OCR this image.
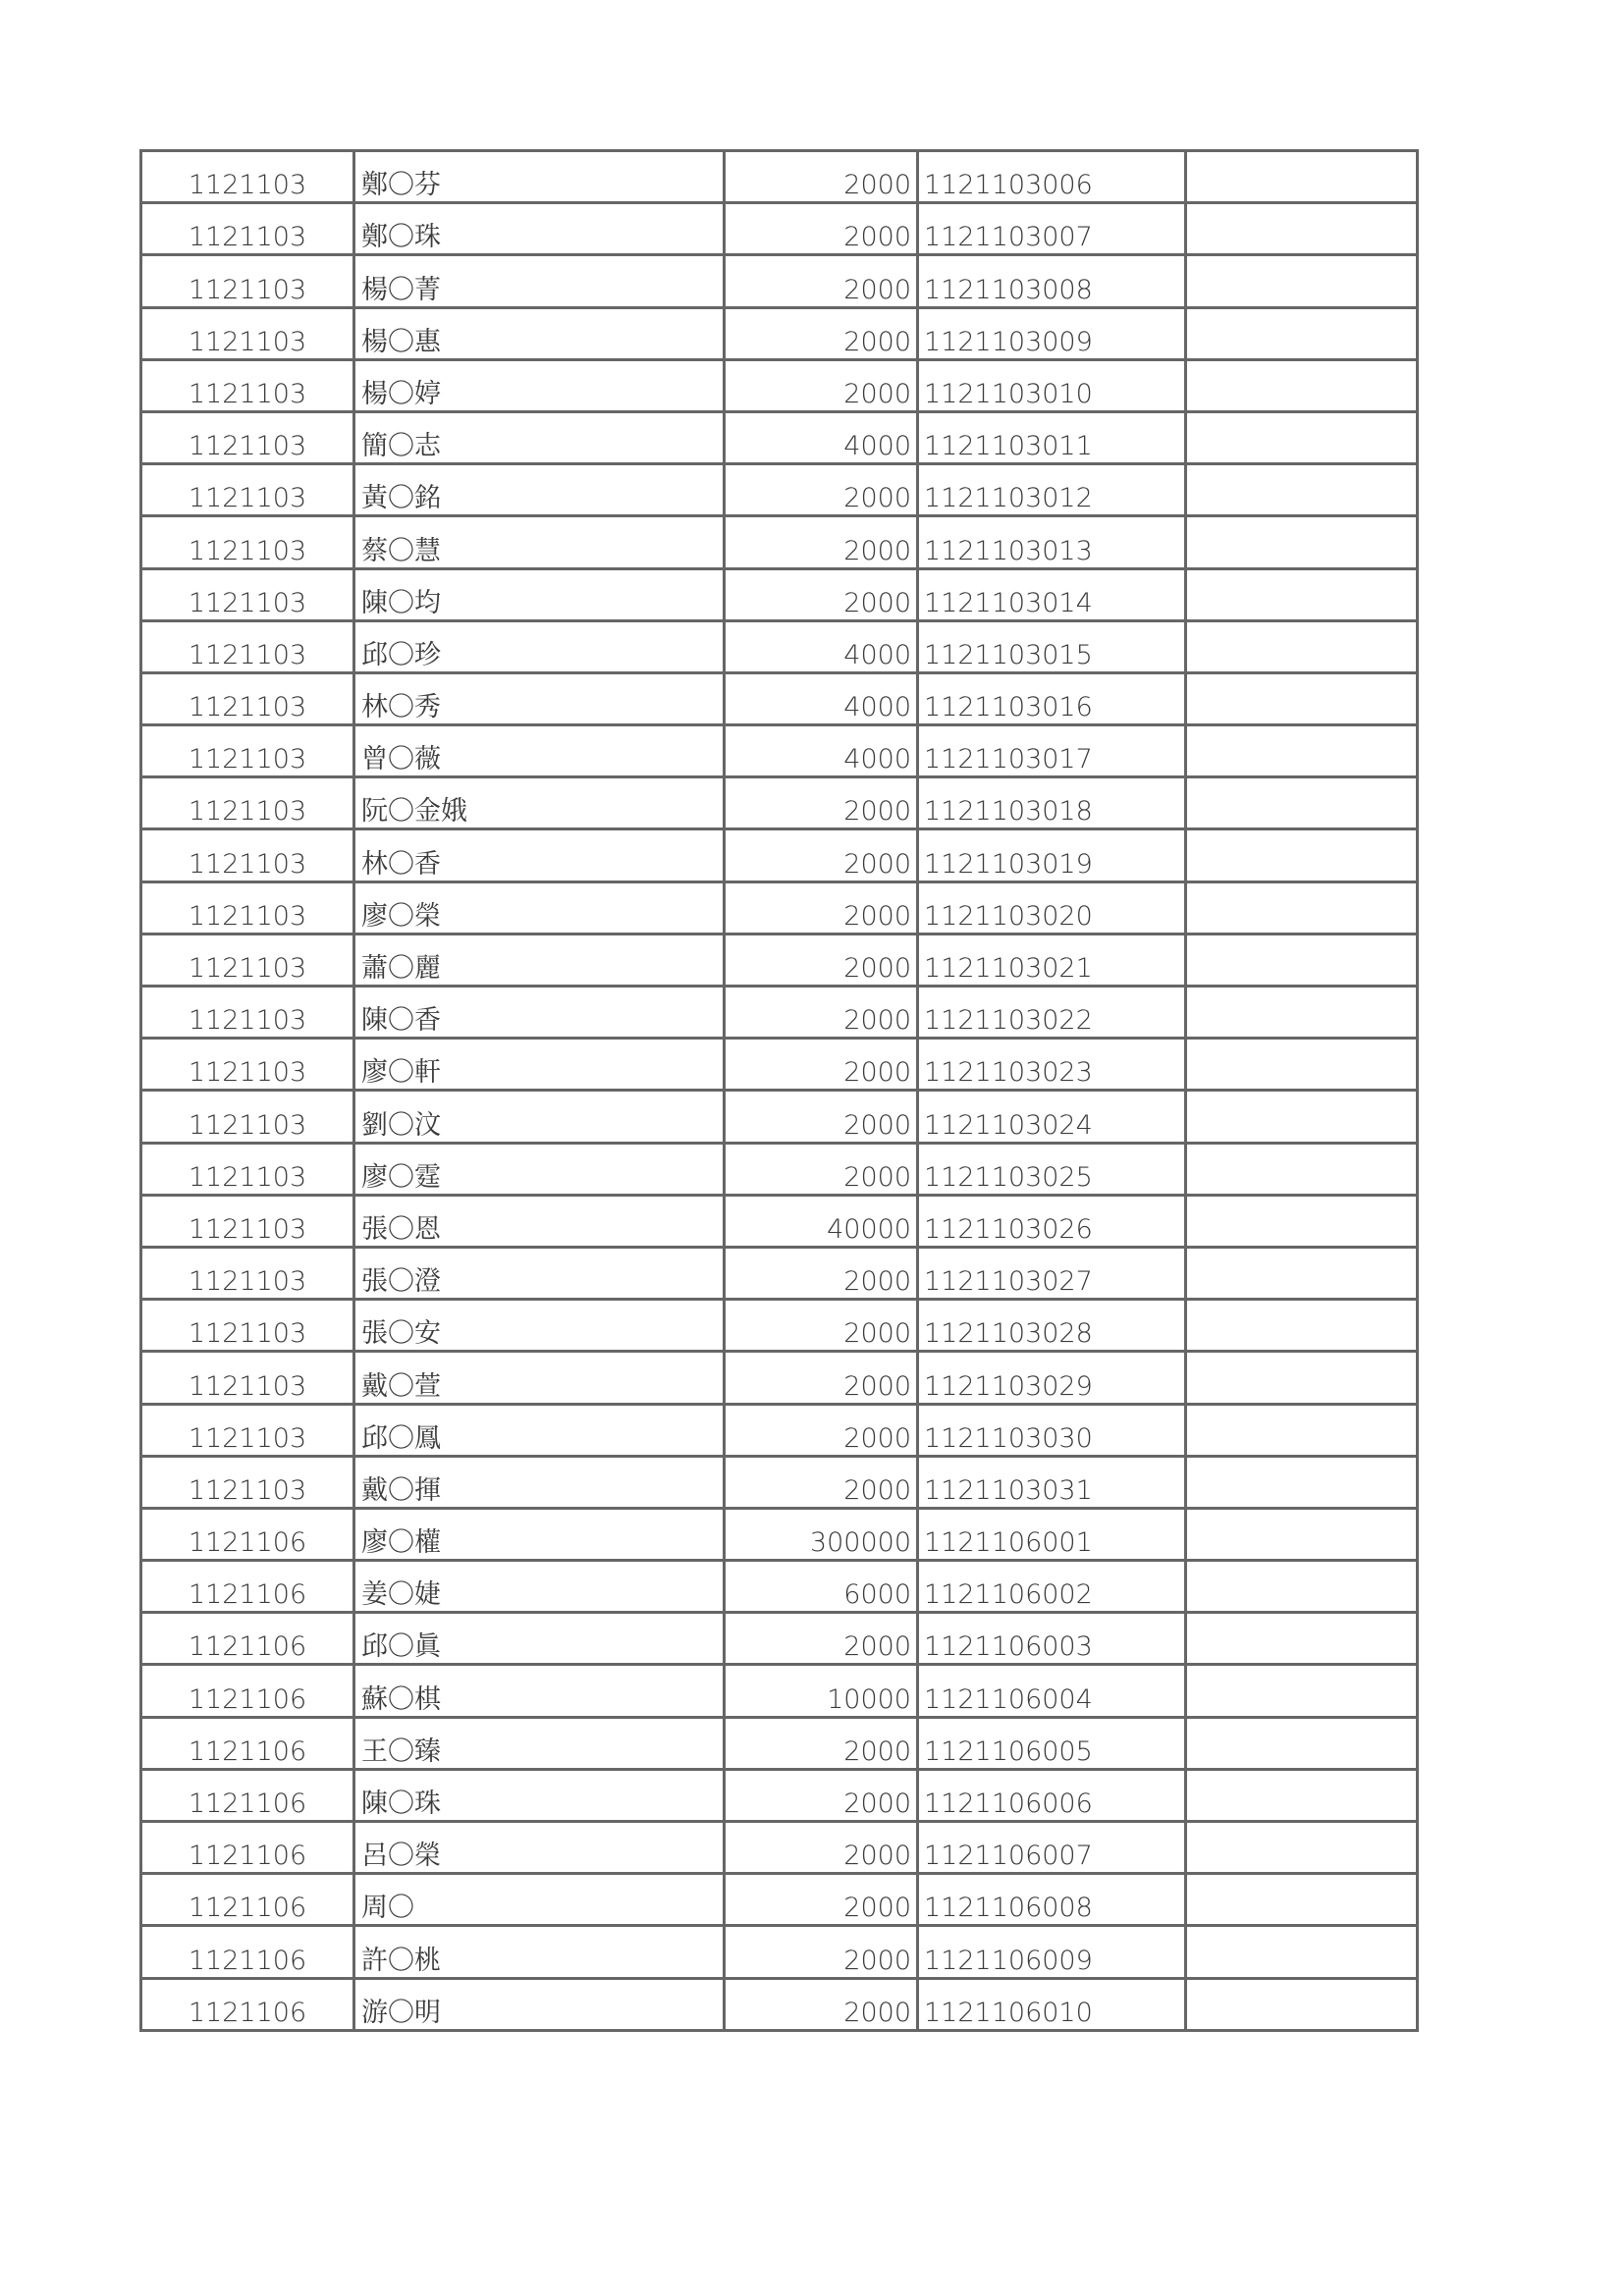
1121103	鄭〇芬	2000	1121103006	
1121103	鄭〇珠	2000	1121103007	
1121103	楊〇菁	2000	1121103008	
1121103	楊〇惠	2000	1121103009	
1121103	楊〇婷	2000	1121103010	
1121103	簡〇志	4000	1121103011	
1121103	黃〇銘	2000	1121103012	
1121103	蔡〇慧	2000	1121103013	
1121103	陳〇均	2000	1121103014	
1121103	邱〇珍	4000	1121103015	
1121103	林〇秀	4000	1121103016	
1121103	曾〇薇	4000	1121103017	
1121103	阮〇金娥	2000	1121103018	
1121103	林〇香	2000	1121103019	
1121103	廖〇榮	2000	1121103020	
1121103	蕭〇麗	2000	1121103021	
1121103	陳〇香	2000	1121103022	
1121103	廖〇軒	2000	1121103023	
1121103	劉〇汶	2000	1121103024	
1121103	廖〇霆	2000	1121103025	
1121103	張〇恩	40000	1121103026	
1121103	張〇澄	2000	1121103027	
1121103	張〇安	2000	1121103028	
1121103	戴〇萱	2000	1121103029	
1121103	邱〇鳳	2000	1121103030	
1121103	戴〇揮	2000	1121103031	
1121106	廖〇權	300000	1121106001	
1121106	姜〇婕	6000	1121106002	
1121106	邱〇眞	2000	1121106003	
1121106	蘇〇棋	10000	1121106004	
1121106	王〇臻	2000	1121106005	
1121106	陳〇珠	2000	1121106006	
1121106	呂〇榮	2000	1121106007	
1121106	周〇	2000	1121106008	
1121106	許〇桃	2000	1121106009	
1121106	游〇明	2000	1121106010	
